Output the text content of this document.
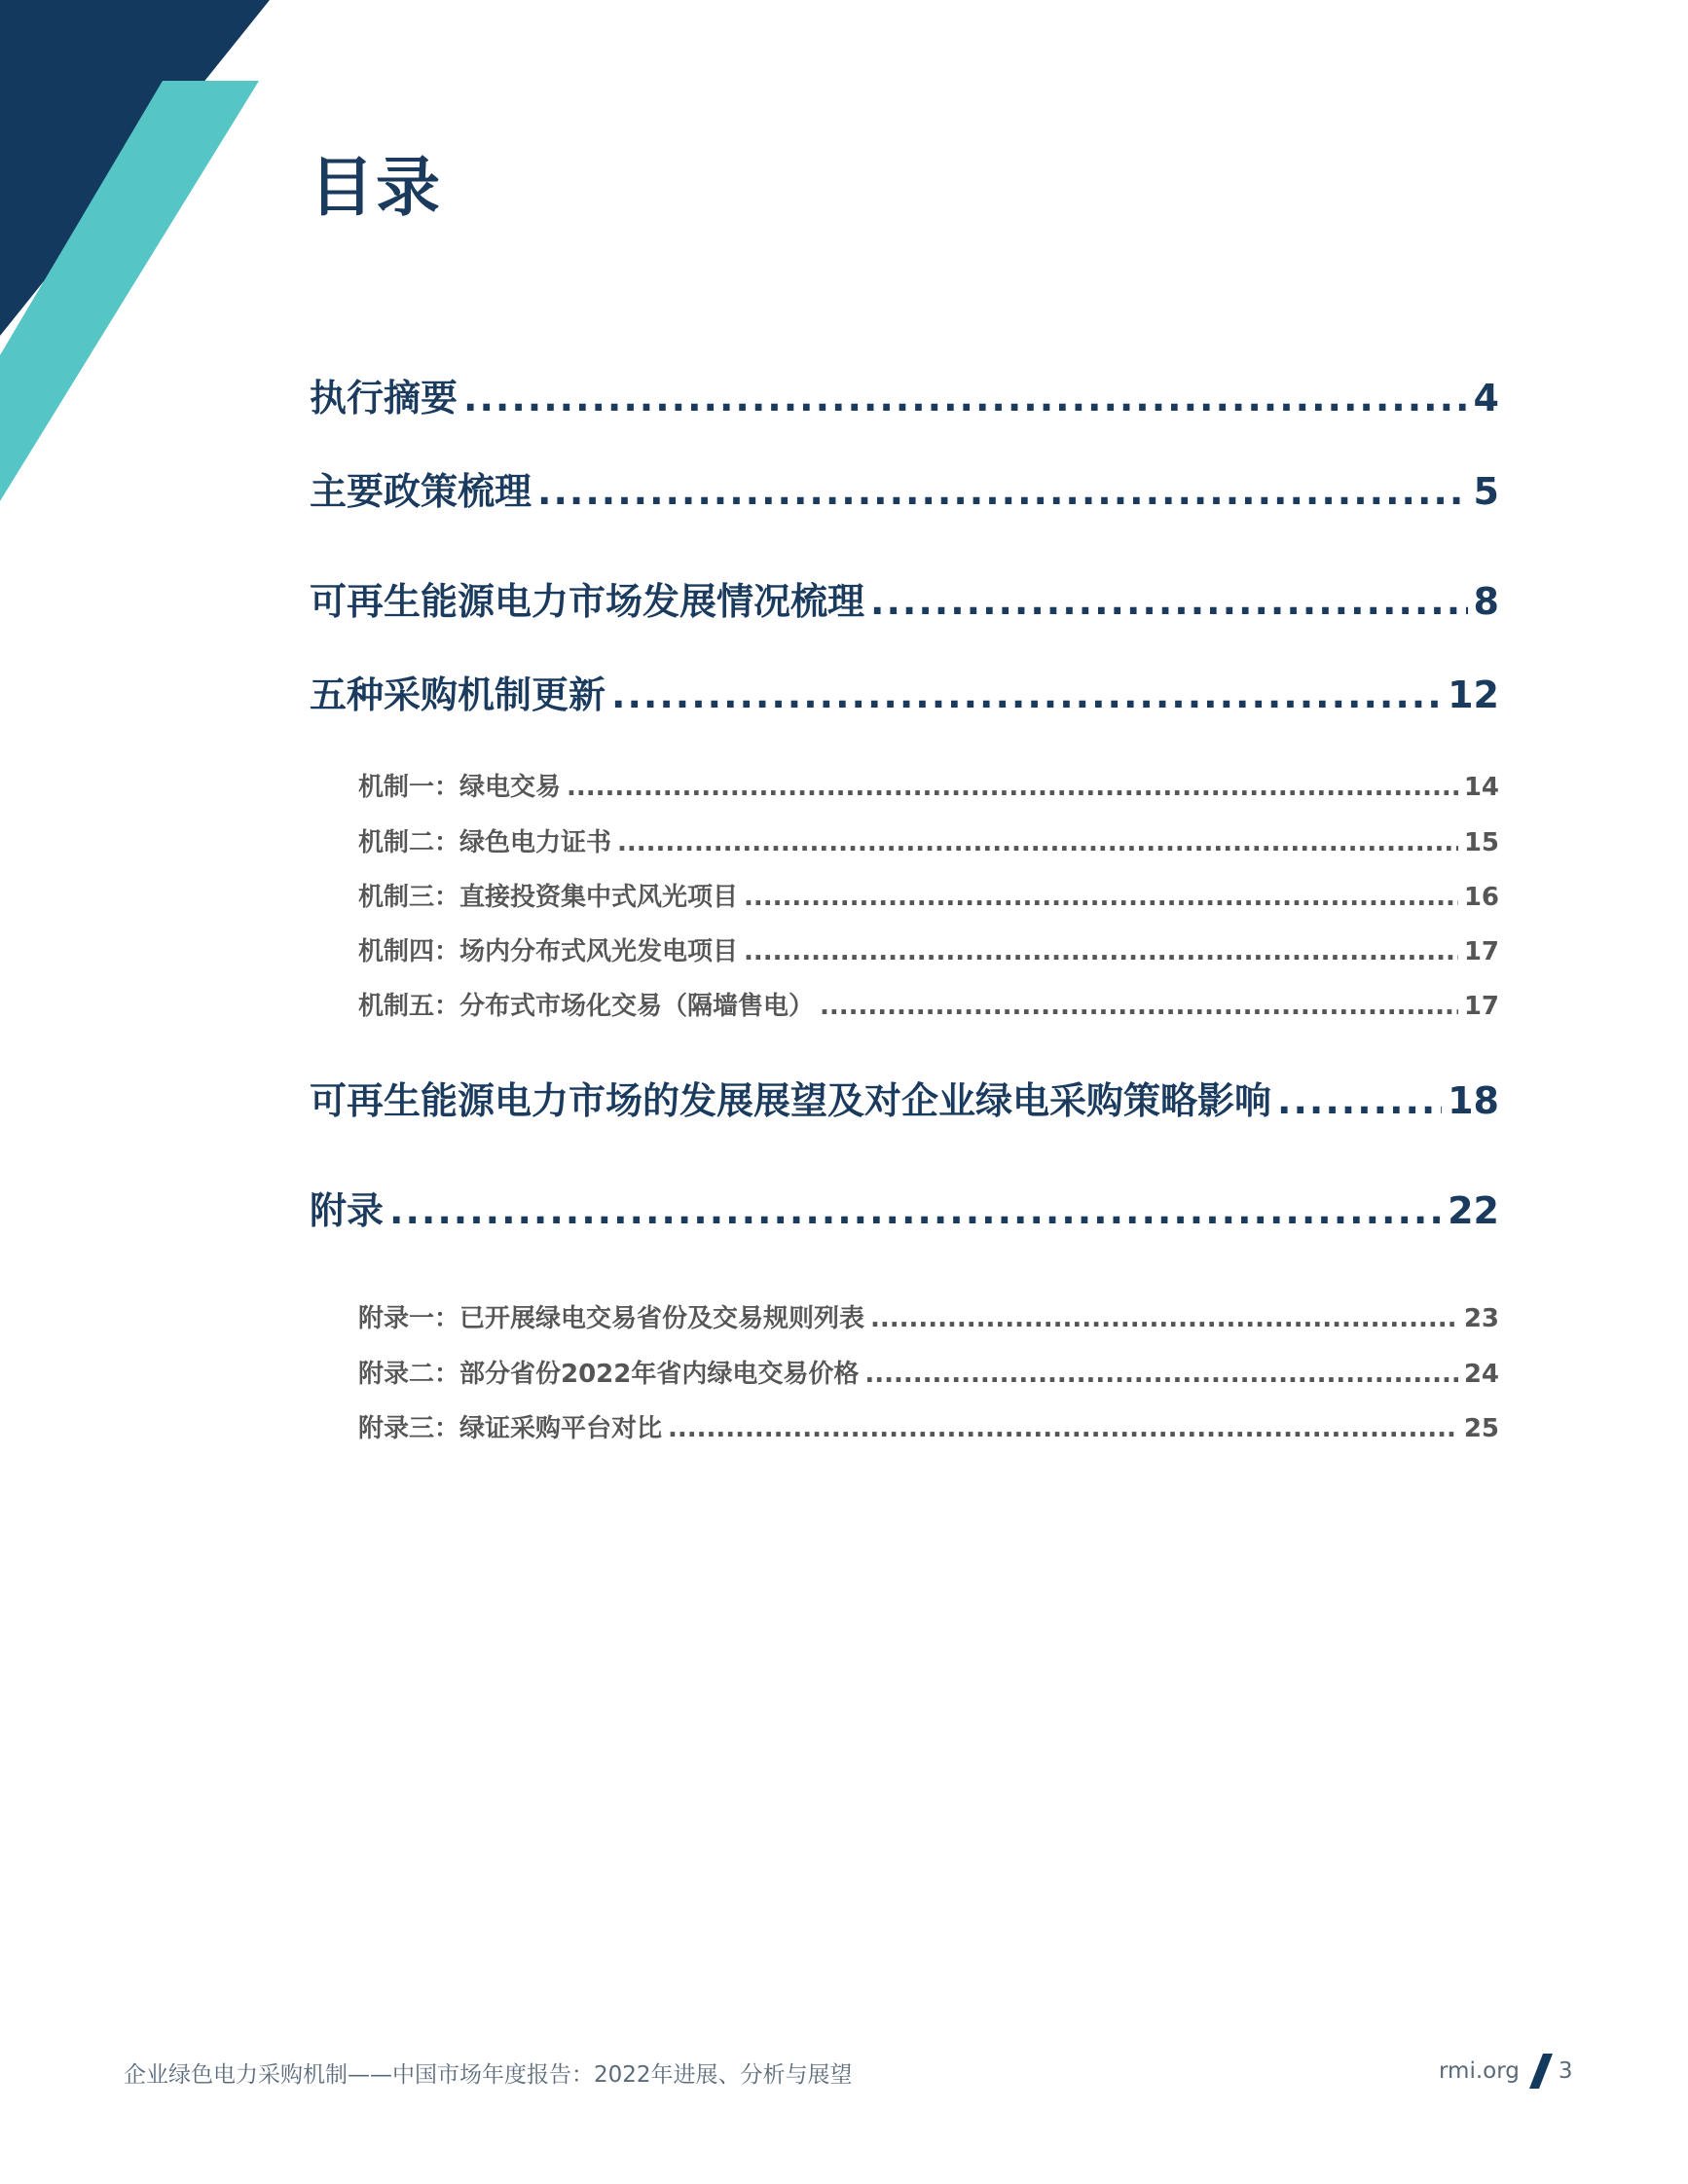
目录
执行摘要 .....	4
主要政策梳理 .....	5
可再生能源电力市场发展情况梳理 .....	8
五种采购机制更新 .....	12
机制一：绿电交易 .....	14
机制二：绿色电力证书 .....	15
机制三：直接投资集中式风光项目 .....	16
机制四：场内分布式风光发电项目 .....	17
机制五：分布式市场化交易（隔墙售电） .....	17
可再生能源电力市场的发展展望及对企业绿电采购策略影响 .....	18
附录 .....	22
附录一：已开展绿电交易省份及交易规则列表 .....	23
附录二：部分省份2022年省内绿电交易价格 .....	24
附录三：绿证采购平台对比 .....	25
企业绿色电力采购机制——中国市场年度报告：2022年进展、分析与展望	rmi.org 3
